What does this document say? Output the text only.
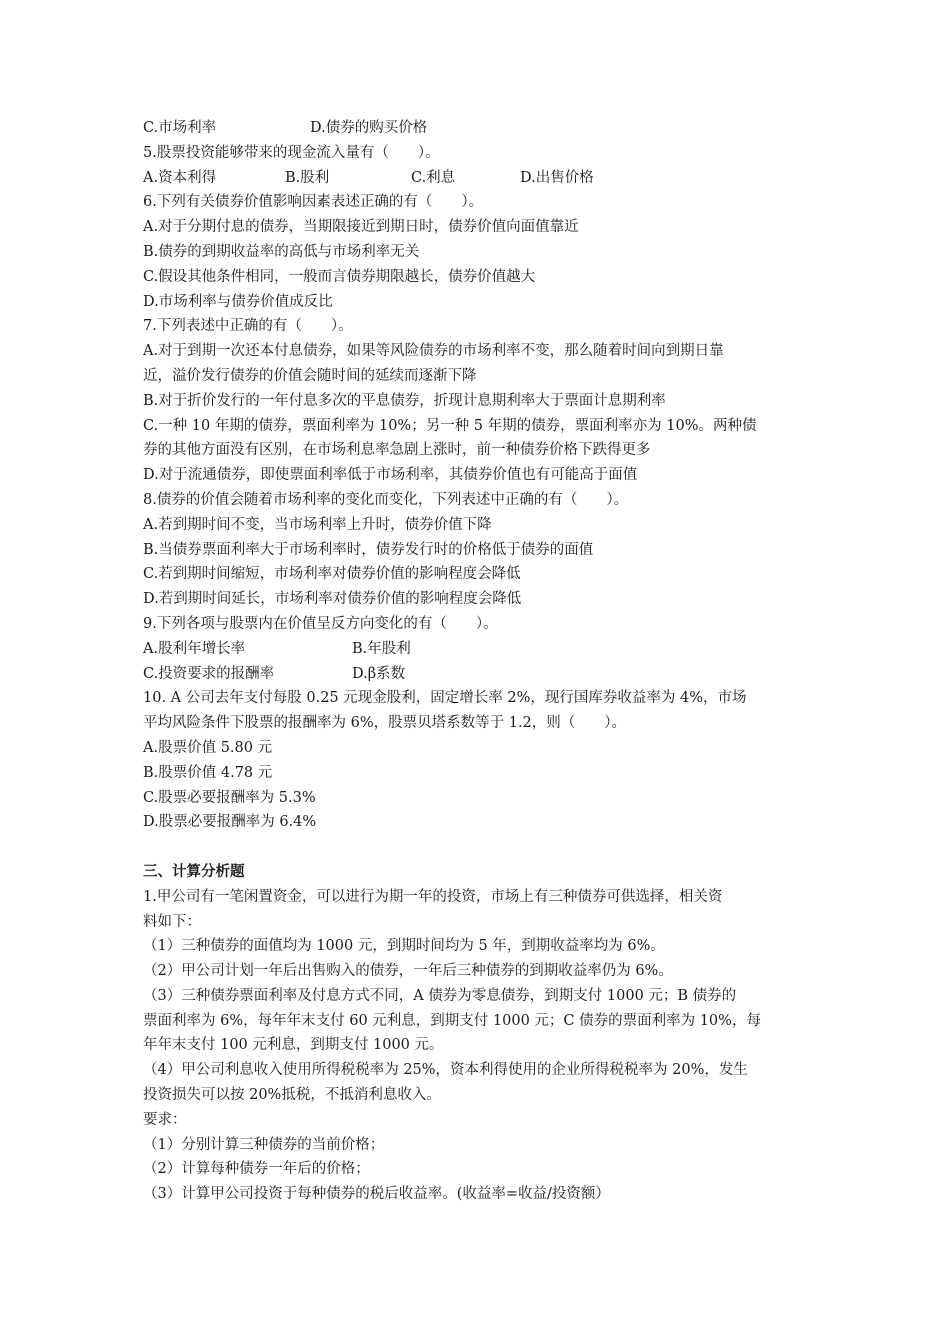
C.市场利率	D.债券的购买价格
5.股票投资能够带来的现金流入量有（　　）。
A.资本利得	B.股利	C.利息	D.出售价格
6.下列有关债券价值影响因素表述正确的有（　　）。
A.对于分期付息的债券，当期限接近到期日时，债券价值向面值靠近
B.债券的到期收益率的高低与市场利率无关
C.假设其他条件相同，一般而言债券期限越长，债券价值越大
D.市场利率与债券价值成反比
7.下列表述中正确的有（　　）。
A.对于到期一次还本付息债券，如果等风险债券的市场利率不变，那么随着时间向到期日靠
近，溢价发行债券的价值会随时间的延续而逐渐下降
B.对于折价发行的一年付息多次的平息债券，折现计息期利率大于票面计息期利率
C.一种 10 年期的债券，票面利率为 10%；另一种 5 年期的债券，票面利率亦为 10%。两种债
券的其他方面没有区别，在市场利息率急剧上涨时，前一种债券价格下跌得更多
D.对于流通债券，即使票面利率低于市场利率，其债券价值也有可能高于面值
8.债券的价值会随着市场利率的变化而变化，下列表述中正确的有（　　）。
A.若到期时间不变，当市场利率上升时，债券价值下降
B.当债券票面利率大于市场利率时，债券发行时的价格低于债券的面值
C.若到期时间缩短，市场利率对债券价值的影响程度会降低
D.若到期时间延长，市场利率对债券价值的影响程度会降低
9.下列各项与股票内在价值呈反方向变化的有（　　）。
A.股利年增长率	B.年股利
C.投资要求的报酬率	D.β系数
10. A 公司去年支付每股 0.25 元现金股利，固定增长率 2%，现行国库券收益率为 4%，市场
平均风险条件下股票的报酬率为 6%，股票贝塔系数等于 1.2，则（　　）。
A.股票价值 5.80 元
B.股票价值 4.78 元
C.股票必要报酬率为 5.3%
D.股票必要报酬率为 6.4%
三、计算分析题
1.甲公司有一笔闲置资金，可以进行为期一年的投资，市场上有三种债券可供选择，相关资
料如下：
（1）三种债券的面值均为 1000 元，到期时间均为 5 年，到期收益率均为 6%。
（2）甲公司计划一年后出售购入的债券，一年后三种债券的到期收益率仍为 6%。
（3）三种债券票面利率及付息方式不同，A 债券为零息债券，到期支付 1000 元；B 债券的
票面利率为 6%，每年年末支付 60 元利息，到期支付 1000 元；C 债券的票面利率为 10%，每
年年末支付 100 元利息，到期支付 1000 元。
（4）甲公司利息收入使用所得税税率为 25%，资本利得使用的企业所得税税率为 20%，发生
投资损失可以按 20%抵税，不抵消利息收入。
要求：
（1）分别计算三种债券的当前价格；
（2）计算每种债券一年后的价格；
（3）计算甲公司投资于每种债券的税后收益率。(收益率=收益/投资额）
